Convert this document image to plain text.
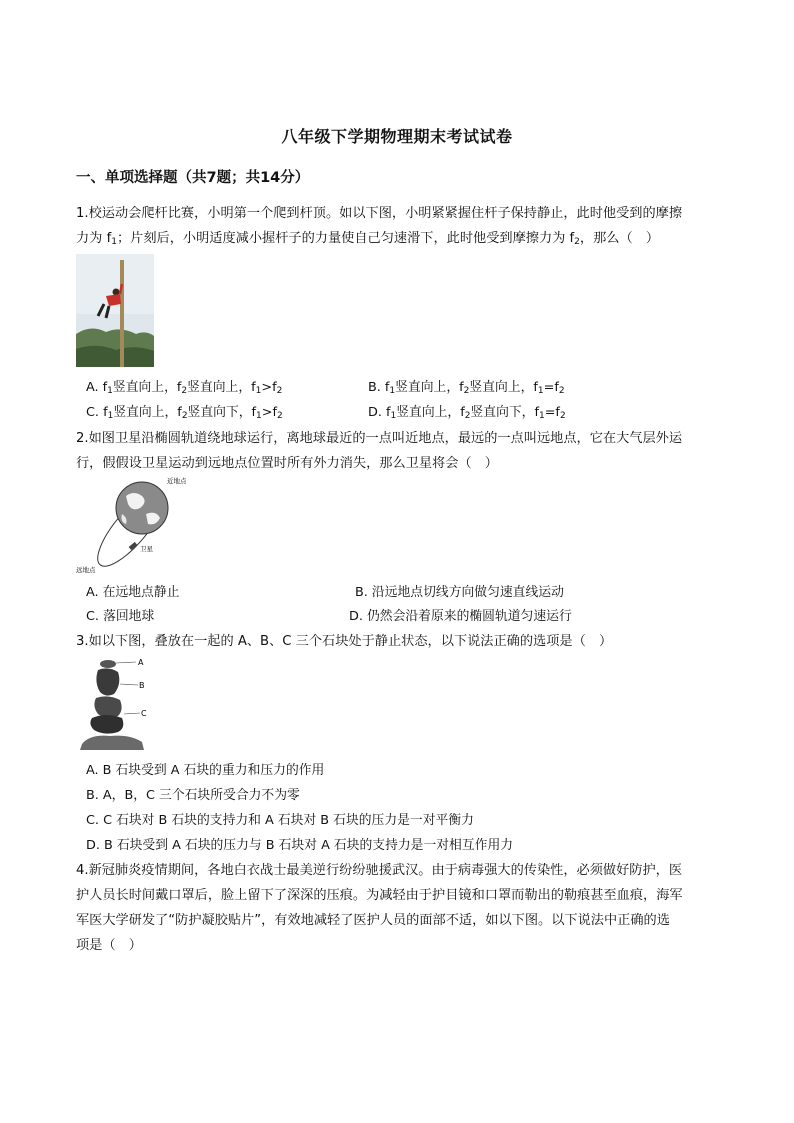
八年级下学期物理期末考试试卷
一、单项选择题（共7题；共14分）
1.校运动会爬杆比赛，小明第一个爬到杆顶。如以下图，小明紧紧握住杆子保持静止，此时他受到的摩擦
力为 $f_1$；片刻后，小明适度减小握杆子的力量使自己匀速滑下，此时他受到摩擦力为 $f_2$，那么（　）
A. $f_1$竖直向上，$f_2$竖直向上，$f_1>f_2$	B. $f_1$竖直向上，$f_2$竖直向上，$f_1=f_2$
C. $f_1$竖直向上，$f_2$竖直向下，$f_1>f_2$	D. $f_1$竖直向上，$f_2$竖直向下，$f_1=f_2$
2.如图卫星沿椭圆轨道绕地球运行，离地球最近的一点叫近地点，最远的一点叫远地点，它在大气层外运
行，假假设卫星运动到远地点位置时所有外力消失，那么卫星将会（　）
近地点
卫星
远地点
A. 在远地点静止	B. 沿远地点切线方向做匀速直线运动
C. 落回地球	D. 仍然会沿着原来的椭圆轨道匀速运行
3.如以下图，叠放在一起的 A、B、C 三个石块处于静止状态，以下说法正确的选项是（　）
A
B
C
A. B 石块受到 A 石块的重力和压力的作用
B. A，B，C 三个石块所受合力不为零
C. C 石块对 B 石块的支持力和 A 石块对 B 石块的压力是一对平衡力
D. B 石块受到 A 石块的压力与 B 石块对 A 石块的支持力是一对相互作用力
4.新冠肺炎疫情期间，各地白衣战士最美逆行纷纷驰援武汉。由于病毒强大的传染性，必须做好防护，医
护人员长时间戴口罩后，脸上留下了深深的压痕。为减轻由于护目镜和口罩而勒出的勒痕甚至血痕，海军
军医大学研发了“防护凝胶贴片”，有效地减轻了医护人员的面部不适，如以下图。以下说法中正确的选
项是（　）
